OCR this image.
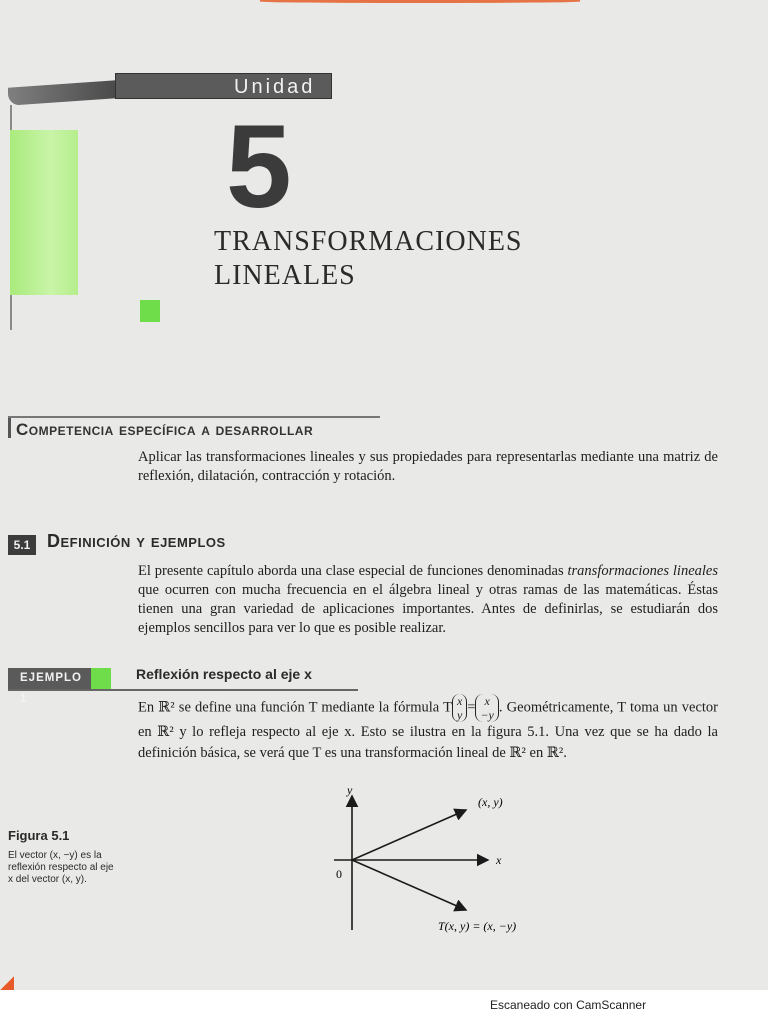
Unidad
5
TRANSFORMACIONES
LINEALES
Competencia específica a desarrollar
Aplicar las transformaciones lineales y sus propiedades para representarlas mediante una matriz de reflexión, dilatación, contracción y rotación.
5.1 Definición y ejemplos
El presente capítulo aborda una clase especial de funciones denominadas transformaciones lineales que ocurren con mucha frecuencia en el álgebra lineal y otras ramas de las matemáticas. Éstas tienen una gran variedad de aplicaciones importantes. Antes de definirlas, se estudiarán dos ejemplos sencillos para ver lo que es posible realizar.
EJEMPLO 1
Reflexión respecto al eje x
En ℝ² se define una función T mediante la fórmula T x
y = x
−y . Geométricamente, T toma un vector en ℝ² y lo refleja respecto al eje x. Esto se ilustra en la figura 5.1. Una vez que se ha dado la definición básica, se verá que T es una transformación lineal de ℝ² en ℝ².
Figura 5.1
El vector (x, −y) es la reflexión respecto al eje x del vector (x, y).
y
x
0
(x, y)
T(x, y) = (x, −y)
Escaneado con CamScanner
